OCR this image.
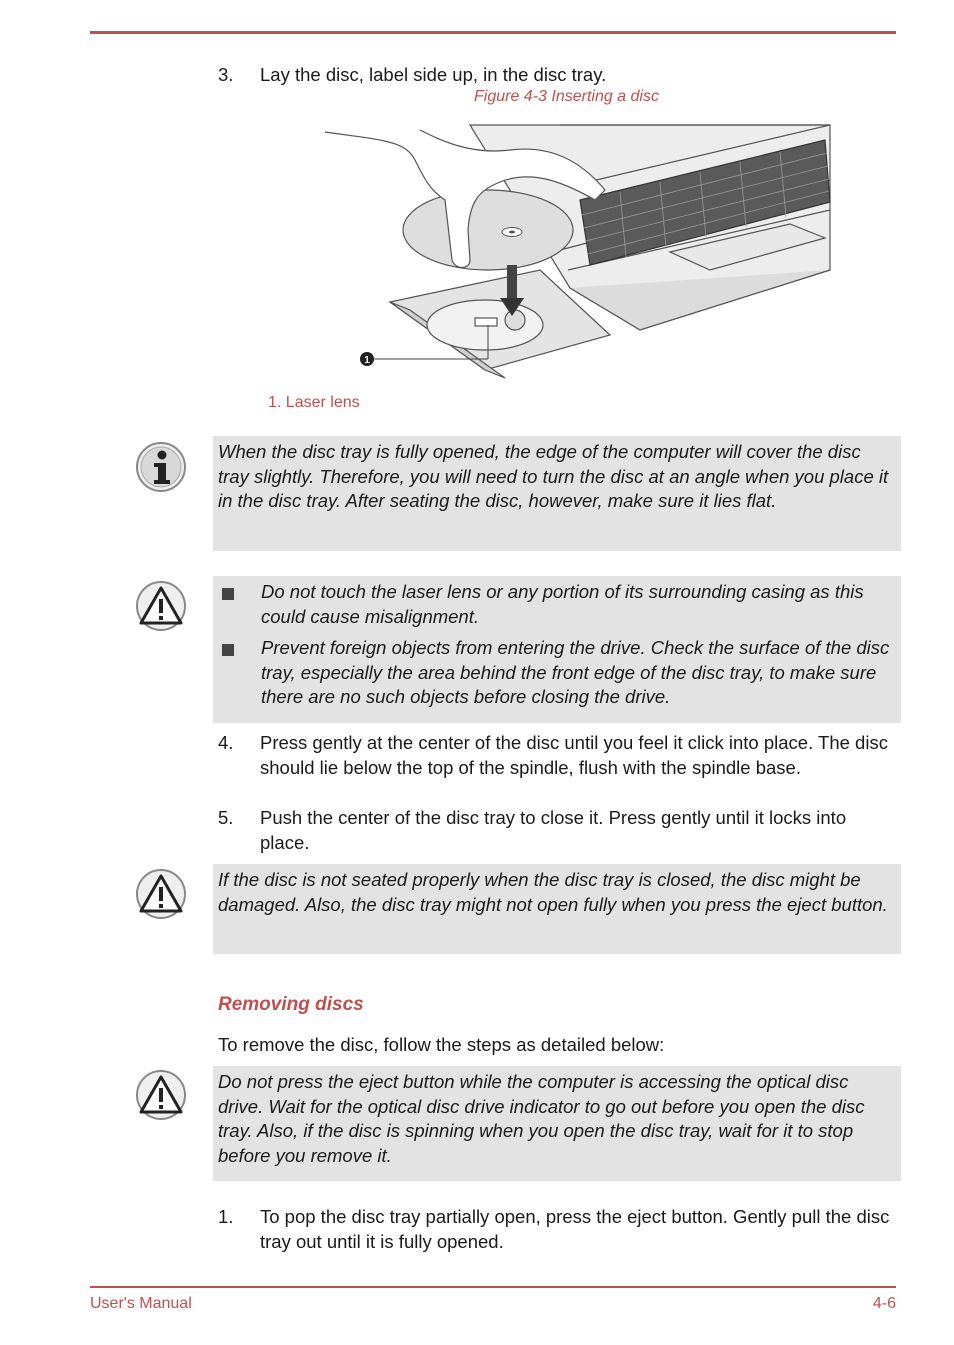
3. Lay the disc, label side up, in the disc tray.
Figure 4-3 Inserting a disc
1
1. Laser lens

When the disc tray is fully opened, the edge of the computer will cover the disc tray slightly. Therefore, you will need to turn the disc at an angle when you place it in the disc tray. After seating the disc, however, make sure it lies flat.

Do not touch the laser lens or any portion of its surrounding casing as this could cause misalignment.
Prevent foreign objects from entering the drive. Check the surface of the disc tray, especially the area behind the front edge of the disc tray, to make sure there are no such objects before closing the drive.
4. Press gently at the center of the disc until you feel it click into place. The disc should lie below the top of the spindle, flush with the spindle base.
5. Push the center of the disc tray to close it. Press gently until it locks into place.

If the disc is not seated properly when the disc tray is closed, the disc might be damaged. Also, the disc tray might not open fully when you press the eject button.

Removing discs
To remove the disc, follow the steps as detailed below:

Do not press the eject button while the computer is accessing the optical disc drive. Wait for the optical disc drive indicator to go out before you open the disc tray. Also, if the disc is spinning when you open the disc tray, wait for it to stop before you remove it.

1. To pop the disc tray partially open, press the eject button. Gently pull the disc tray out until it is fully opened.
User's Manual	4-6
